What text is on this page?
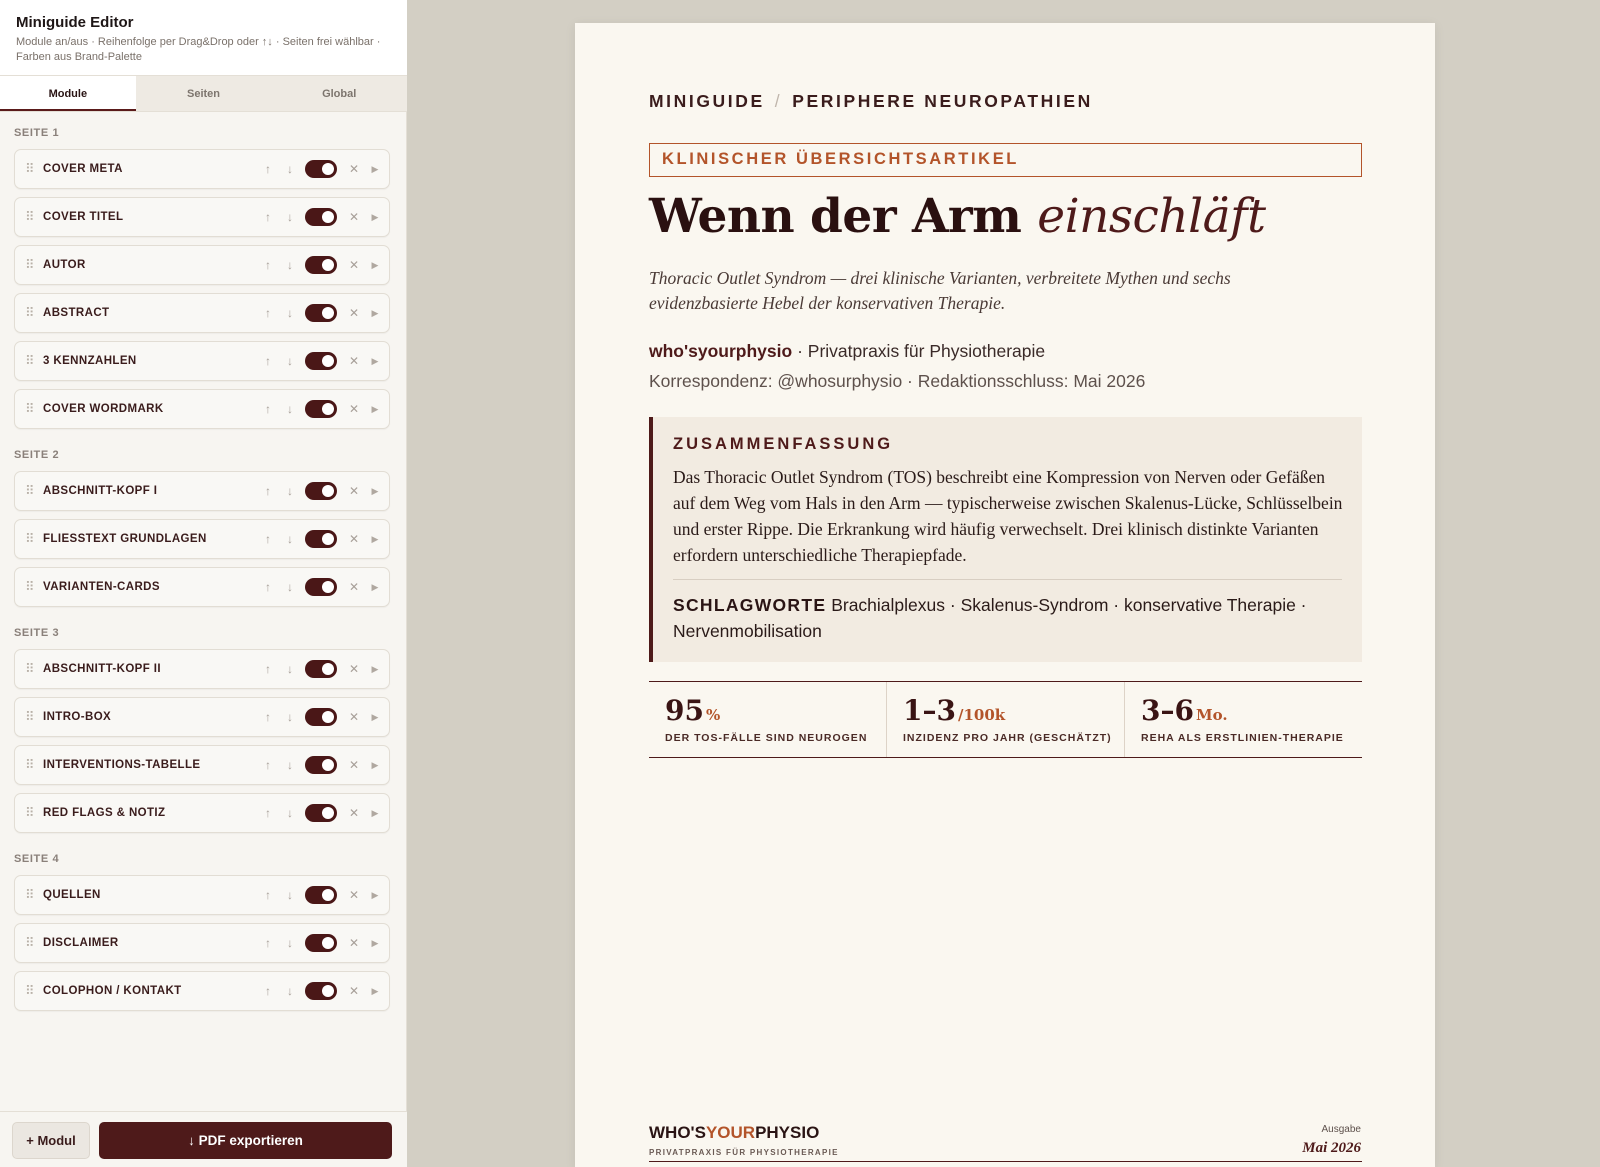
Miniguide Editor
Module an/aus · Reihenfolge per Drag&Drop oder ↑↓ · Seiten frei wählbar · Farben aus Brand-Palette
Module	Seiten	Global
SEITE 1
⠿ COVER META	↑	↓	✕	▶
⠿ COVER TITEL	↑	↓	✕	▶
⠿ AUTOR	↑	↓	✕	▶
⠿ ABSTRACT	↑	↓	✕	▶
⠿ 3 KENNZAHLEN	↑	↓	✕	▶
⠿ COVER WORDMARK	↑	↓	✕	▶
SEITE 2
⠿ ABSCHNITT-KOPF I	↑	↓	✕	▶
⠿ FLIESSTEXT GRUNDLAGEN	↑	↓	✕	▶
⠿ VARIANTEN-CARDS	↑	↓	✕	▶
SEITE 3
⠿ ABSCHNITT-KOPF II	↑	↓	✕	▶
⠿ INTRO-BOX	↑	↓	✕	▶
⠿ INTERVENTIONS-TABELLE	↑	↓	✕	▶
⠿ RED FLAGS & NOTIZ	↑	↓	✕	▶
SEITE 4
⠿ QUELLEN	↑	↓	✕	▶
⠿ DISCLAIMER	↑	↓	✕	▶
⠿ COLOPHON / KONTAKT	↑	↓	✕	▶
+ Modul	↓ PDF exportieren
MINIGUIDE / PERIPHERE NEUROPATHIEN
KLINISCHER ÜBERSICHTSARTIKEL
Wenn der Arm einschläft
Thoracic Outlet Syndrom — drei klinische Varianten, verbreitete Mythen und sechs evidenzbasierte Hebel der konservativen Therapie.
who'syourphysio · Privatpraxis für Physiotherapie
Korrespondenz: @whosurphysio · Redaktionsschluss: Mai 2026
ZUSAMMENFASSUNG
Das Thoracic Outlet Syndrom (TOS) beschreibt eine Kompression von Nerven oder Gefäßen auf dem Weg vom Hals in den Arm — typischerweise zwischen Skalenus-Lücke, Schlüsselbein und erster Rippe. Die Erkrankung wird häufig verwechselt. Drei klinisch distinkte Varianten erfordern unterschiedliche Therapiepfade.
SCHLAGWORTE Brachialplexus · Skalenus-Syndrom · konservative Therapie · Nervenmobilisation
95 %
DER TOS-FÄLLE SIND NEUROGEN
1–3 /100k
INZIDENZ PRO JAHR (GESCHÄTZT)
3–6 Mo.
REHA ALS ERSTLINIEN-THERAPIE
WHO'SYOURPHYSIO
PRIVATPRAXIS FÜR PHYSIOTHERAPIE
Ausgabe
Mai 2026
